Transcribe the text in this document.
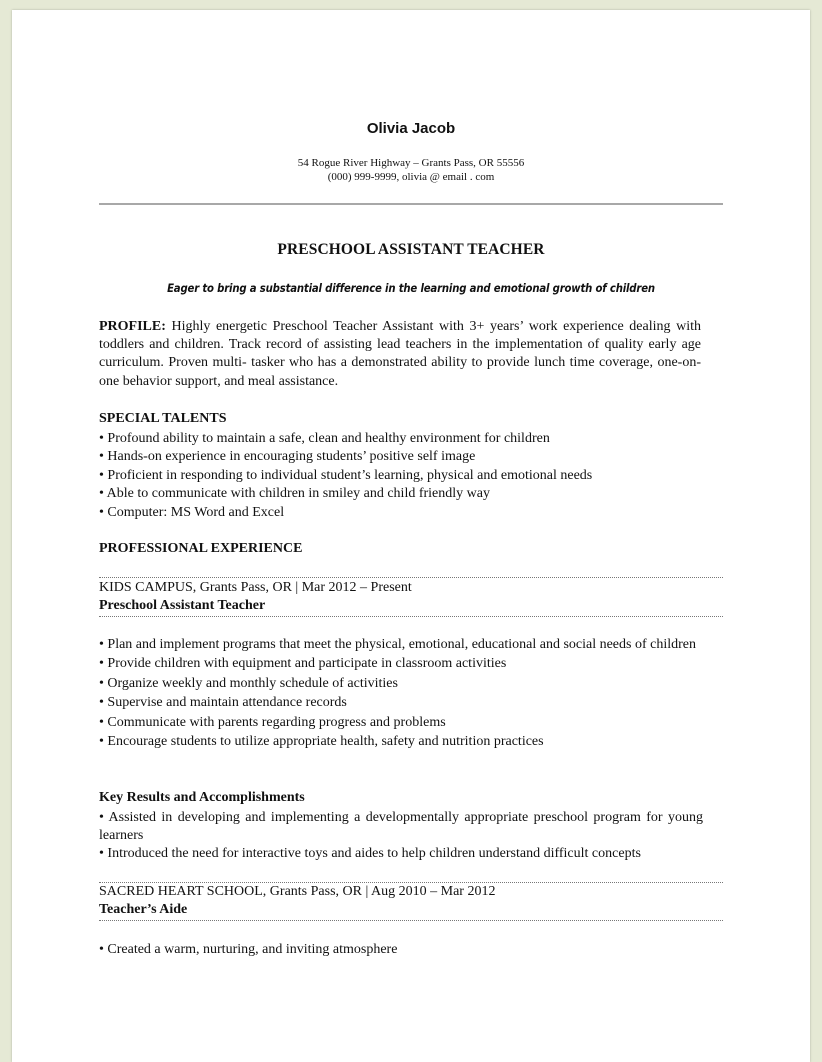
Olivia Jacob
54 Rogue River Highway – Grants Pass, OR 55556
(000) 999-9999, olivia @ email . com
PRESCHOOL ASSISTANT TEACHER
Eager to bring a substantial difference in the learning and emotional growth of children
PROFILE: Highly energetic Preschool Teacher Assistant with 3+ years’ work experience dealing with toddlers and children. Track record of assisting lead teachers in the implementation of quality early age curriculum. Proven multi- tasker who has a demonstrated ability to provide lunch time coverage, one-on-one behavior support, and meal assistance.
SPECIAL TALENTS
• Profound ability to maintain a safe, clean and healthy environment for children
• Hands-on experience in encouraging students’ positive self image
• Proficient in responding to individual student’s learning, physical and emotional needs
• Able to communicate with children in smiley and child friendly way
• Computer: MS Word and Excel
PROFESSIONAL EXPERIENCE
KIDS CAMPUS, Grants Pass, OR | Mar 2012 – Present
Preschool Assistant Teacher
• Plan and implement programs that meet the physical, emotional, educational and social needs of children
• Provide children with equipment and participate in classroom activities
• Organize weekly and monthly schedule of activities
• Supervise and maintain attendance records
• Communicate with parents regarding progress and problems
• Encourage students to utilize appropriate health, safety and nutrition practices
Key Results and Accomplishments
• Assisted in developing and implementing a developmentally appropriate preschool program for young learners
• Introduced the need for interactive toys and aides to help children understand difficult concepts
SACRED HEART SCHOOL, Grants Pass, OR | Aug 2010 – Mar 2012
Teacher’s Aide
• Created a warm, nurturing, and inviting atmosphere
